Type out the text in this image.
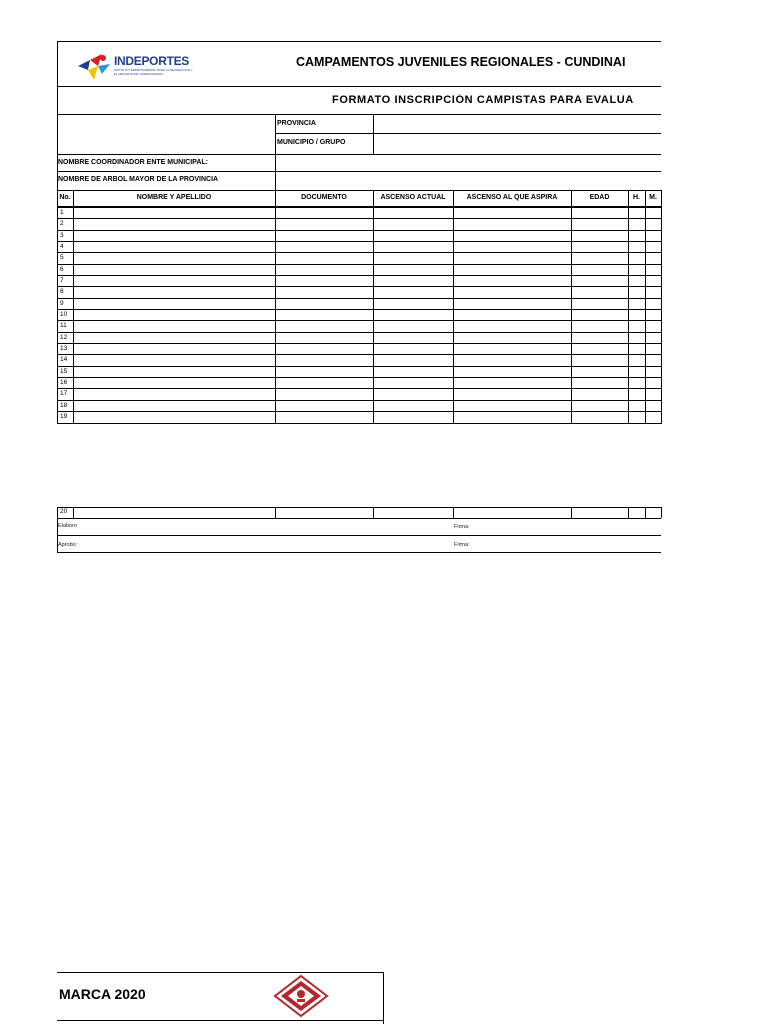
INDEPORTES
INSTITUTO DEPARTAMENTAL PARA LA RECREACION Y EL DEPORTE DE CUNDINAMARCA
CAMPAMENTOS JUVENILES REGIONALES - CUNDINAI
FORMATO INSCRIPCIÓN CAMPISTAS PARA EVALUA
PROVINCIA
MUNICIPIO / GRUPO
NOMBRE COORDINADOR ENTE MUNICIPAL:
NOMBRE DE ARBOL MAYOR DE LA PROVINCIA
No.	NOMBRE Y APELLIDO	DOCUMENTO	ASCENSO ACTUAL	ASCENSO AL QUE ASPIRA	EDAD	H.	M.
1
2
3
4
5
6
7
8
9
10
11
12
13
14
15
16
17
18
19
20
Elaboro	Firma:
Aprobo:	Firma:
MARCA 2020
